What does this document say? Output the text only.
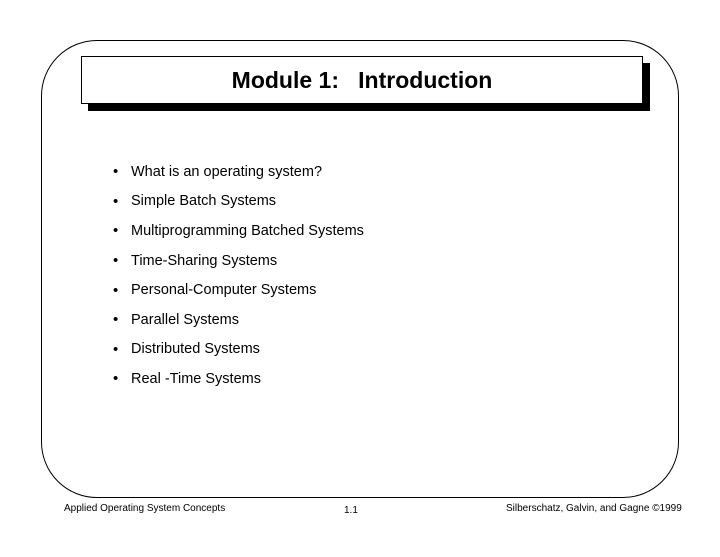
Module 1:   Introduction
• What is an operating system?
• Simple Batch Systems
• Multiprogramming Batched Systems
• Time-Sharing Systems
• Personal-Computer Systems
• Parallel Systems
• Distributed Systems
• Real -Time Systems
Applied Operating System Concepts	1.1	Silberschatz, Galvin, and Gagne ©1999
